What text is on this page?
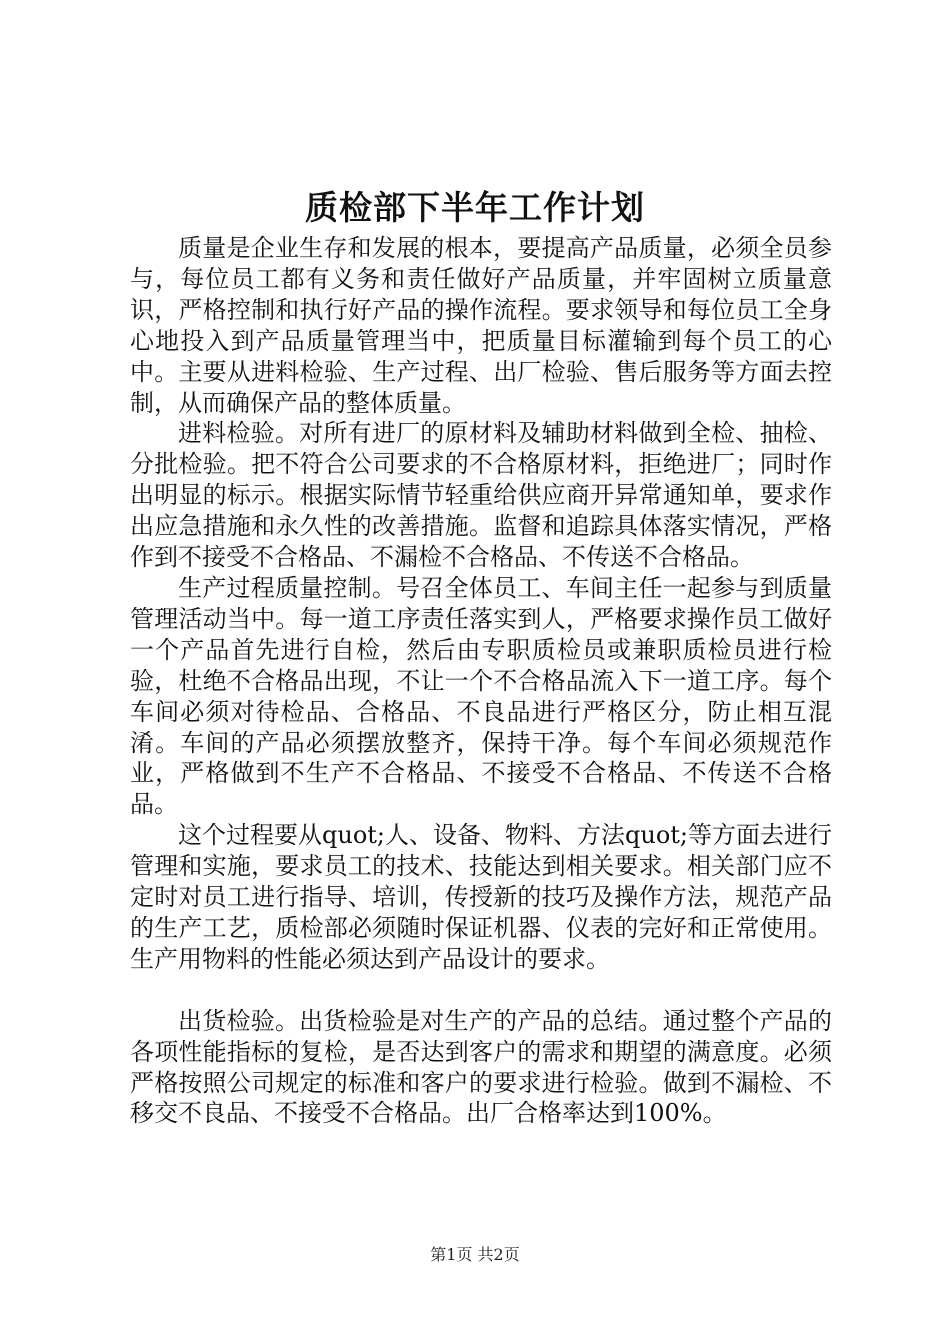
质检部下半年工作计划

质量是企业生存和发展的根本，要提高产品质量，必须全员参与，每位员工都有义务和责任做好产品质量，并牢固树立质量意识，严格控制和执行好产品的操作流程。要求领导和每位员工全身心地投入到产品质量管理当中，把质量目标灌输到每个员工的心中。主要从进料检验、生产过程、出厂检验、售后服务等方面去控制，从而确保产品的整体质量。

进料检验。对所有进厂的原材料及辅助材料做到全检、抽检、分批检验。把不符合公司要求的不合格原材料，拒绝进厂；同时作出明显的标示。根据实际情节轻重给供应商开异常通知单，要求作出应急措施和永久性的改善措施。监督和追踪具体落实情况，严格作到不接受不合格品、不漏检不合格品、不传送不合格品。

生产过程质量控制。号召全体员工、车间主任一起参与到质量管理活动当中。每一道工序责任落实到人，严格要求操作员工做好一个产品首先进行自检，然后由专职质检员或兼职质检员进行检验，杜绝不合格品出现，不让一个不合格品流入下一道工序。每个车间必须对待检品、合格品、不良品进行严格区分，防止相互混淆。车间的产品必须摆放整齐，保持干净。每个车间必须规范作业，严格做到不生产不合格品、不接受不合格品、不传送不合格品。

这个过程要从quot;人、设备、物料、方法quot;等方面去进行管理和实施，要求员工的技术、技能达到相关要求。相关部门应不定时对员工进行指导、培训，传授新的技巧及操作方法，规范产品的生产工艺，质检部必须随时保证机器、仪表的完好和正常使用。生产用物料的性能必须达到产品设计的要求。

出货检验。出货检验是对生产的产品的总结。通过整个产品的各项性能指标的复检，是否达到客户的需求和期望的满意度。必须严格按照公司规定的标准和客户的要求进行检验。做到不漏检、不移交不良品、不接受不合格品。出厂合格率达到100%。

第1页 共2页
